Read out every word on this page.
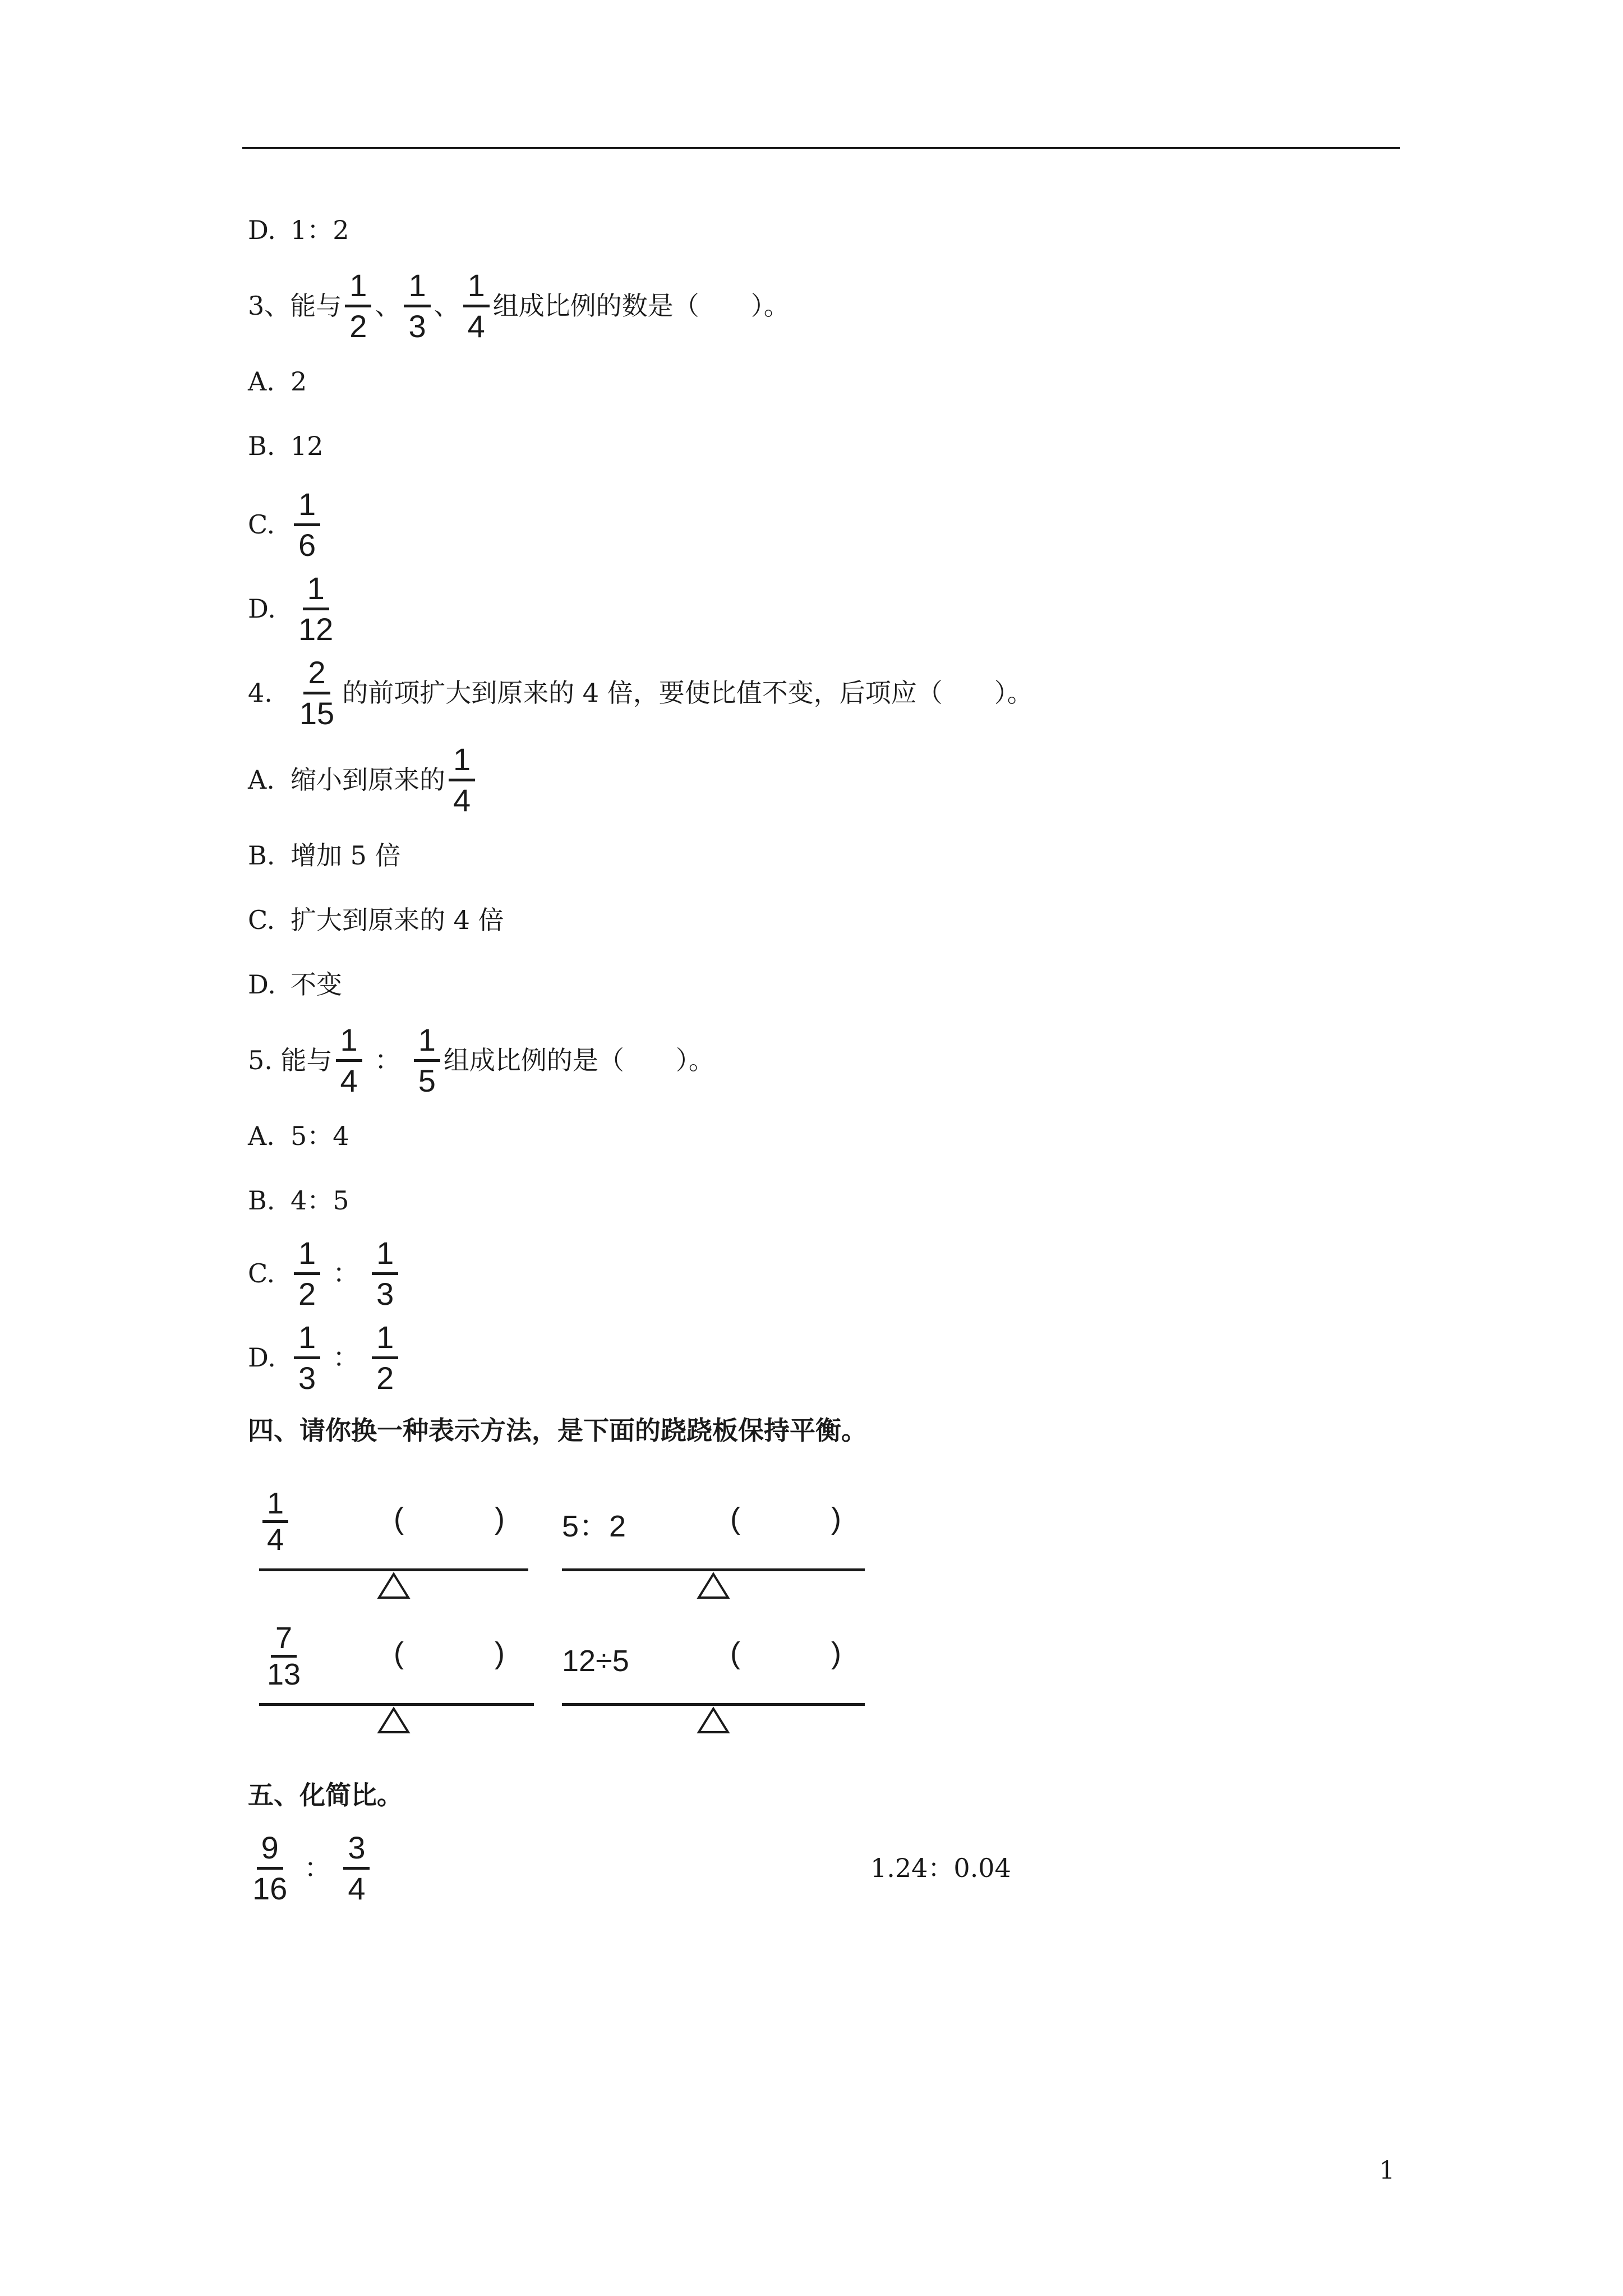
D. 1：2
3、能与 $\frac{1}{2}$ 、 $\frac{1}{3}$ 、 $\frac{1}{4}$ 组成比例的数是（　　）。
A. 2
B. 12
C. $\frac{1}{6}$
D. $\frac{1}{12}$
4. $\frac{2}{15}$ 的前项扩大到原来的 4 倍，要使比值不变，后项应（　　）。
A. 缩小到原来的 $\frac{1}{4}$
B. 增加 5 倍
C. 扩大到原来的 4 倍
D. 不变
5. 能与 $\frac{1}{4}$ ： $\frac{1}{5}$ 组成比例的是（　　）。
A. 5：4
B. 4：5
C. $\frac{1}{2}$ ： $\frac{1}{3}$
D. $\frac{1}{3}$ ： $\frac{1}{2}$
四、请你换一种表示方法，是下面的跷跷板保持平衡。
$\frac{1}{4}$	(　　　) 5：2	(　　　)
$\frac{7}{13}$	(　　　) 12÷5	(　　　)
五、化简比。
$\frac{9}{16}$ ： $\frac{3}{4}$	1.24：0.04
1
